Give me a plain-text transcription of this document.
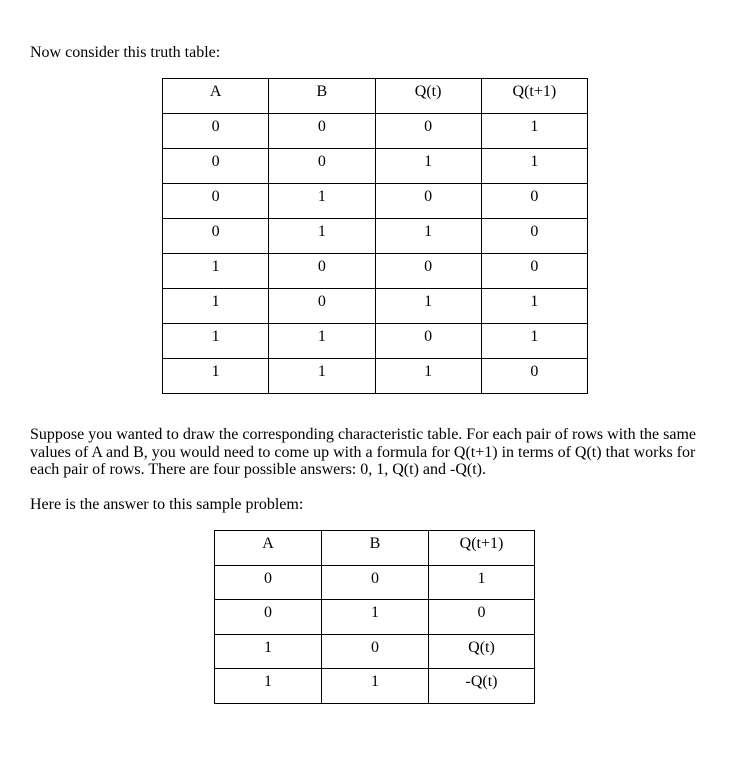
Now consider this truth table:

A	B	Q(t)	Q(t+1)
0	0	0	1
0	0	1	1
0	1	0	0
0	1	1	0
1	0	0	0
1	0	1	1
1	1	0	1
1	1	1	0

Suppose you wanted to draw the corresponding characteristic table. For each pair of rows with the same values of A and B, you would need to come up with a formula for Q(t+1) in terms of Q(t) that works for each pair of rows. There are four possible answers: 0, 1, Q(t) and -Q(t).

Here is the answer to this sample problem:

A	B	Q(t+1)
0	0	1
0	1	0
1	0	Q(t)
1	1	-Q(t)
